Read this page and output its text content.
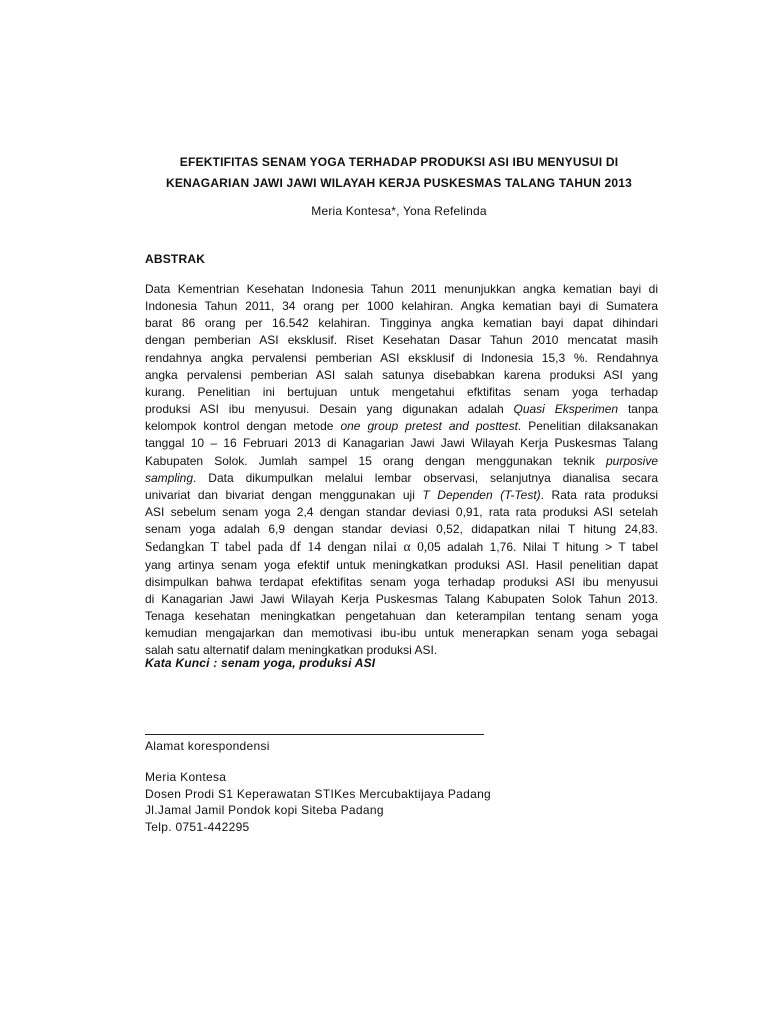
EFEKTIFITAS SENAM YOGA TERHADAP PRODUKSI ASI IBU MENYUSUI DI
KENAGARIAN JAWI JAWI WILAYAH KERJA PUSKESMAS TALANG TAHUN 2013
Meria Kontesa*, Yona Refelinda
ABSTRAK
Data Kementrian Kesehatan Indonesia Tahun 2011 menunjukkan angka kematian bayi di
Indonesia Tahun 2011, 34 orang per 1000 kelahiran. Angka kematian bayi di Sumatera
barat 86 orang per 16.542 kelahiran. Tingginya angka kematian bayi dapat dihindari
dengan pemberian ASI eksklusif. Riset Kesehatan Dasar Tahun 2010 mencatat masih
rendahnya angka pervalensi pemberian ASI eksklusif di Indonesia 15,3 %. Rendahnya
angka pervalensi pemberian ASI salah satunya disebabkan karena produksi ASI yang
kurang. Penelitian ini bertujuan untuk mengetahui efktifitas senam yoga terhadap
produksi ASI ibu menyusui. Desain yang digunakan adalah Quasi Eksperimen tanpa
kelompok kontrol dengan metode one group pretest and posttest. Penelitian dilaksanakan
tanggal 10 – 16 Februari 2013 di Kanagarian Jawi Jawi Wilayah Kerja Puskesmas Talang
Kabupaten Solok. Jumlah sampel 15 orang dengan menggunakan teknik purposive
sampling. Data dikumpulkan melalui lembar observasi, selanjutnya dianalisa secara
univariat dan bivariat dengan menggunakan uji T Dependen (T-Test). Rata rata produksi
ASI sebelum senam yoga 2,4 dengan standar deviasi 0,91, rata rata produksi ASI setelah
senam yoga adalah 6,9 dengan standar deviasi 0,52, didapatkan nilai T hitung 24,83.
Sedangkan T tabel pada df 14 dengan nilai α 0,05 adalah 1,76. Nilai T hitung > T tabel
yang artinya senam yoga efektif untuk meningkatkan produksi ASI. Hasil penelitian dapat
disimpulkan bahwa terdapat efektifitas senam yoga terhadap produksi ASI ibu menyusui
di Kanagarian Jawi Jawi Wilayah Kerja Puskesmas Talang Kabupaten Solok Tahun 2013.
Tenaga kesehatan meningkatkan pengetahuan dan keterampilan tentang senam yoga
kemudian mengajarkan dan memotivasi ibu-ibu untuk menerapkan senam yoga sebagai
salah satu alternatif dalam meningkatkan produksi ASI.
Kata Kunci : senam yoga, produksi ASI
Alamat korespondensi
Meria Kontesa
Dosen Prodi S1 Keperawatan STIKes Mercubaktijaya Padang
Jl.Jamal Jamil Pondok kopi Siteba Padang
Telp. 0751-442295
